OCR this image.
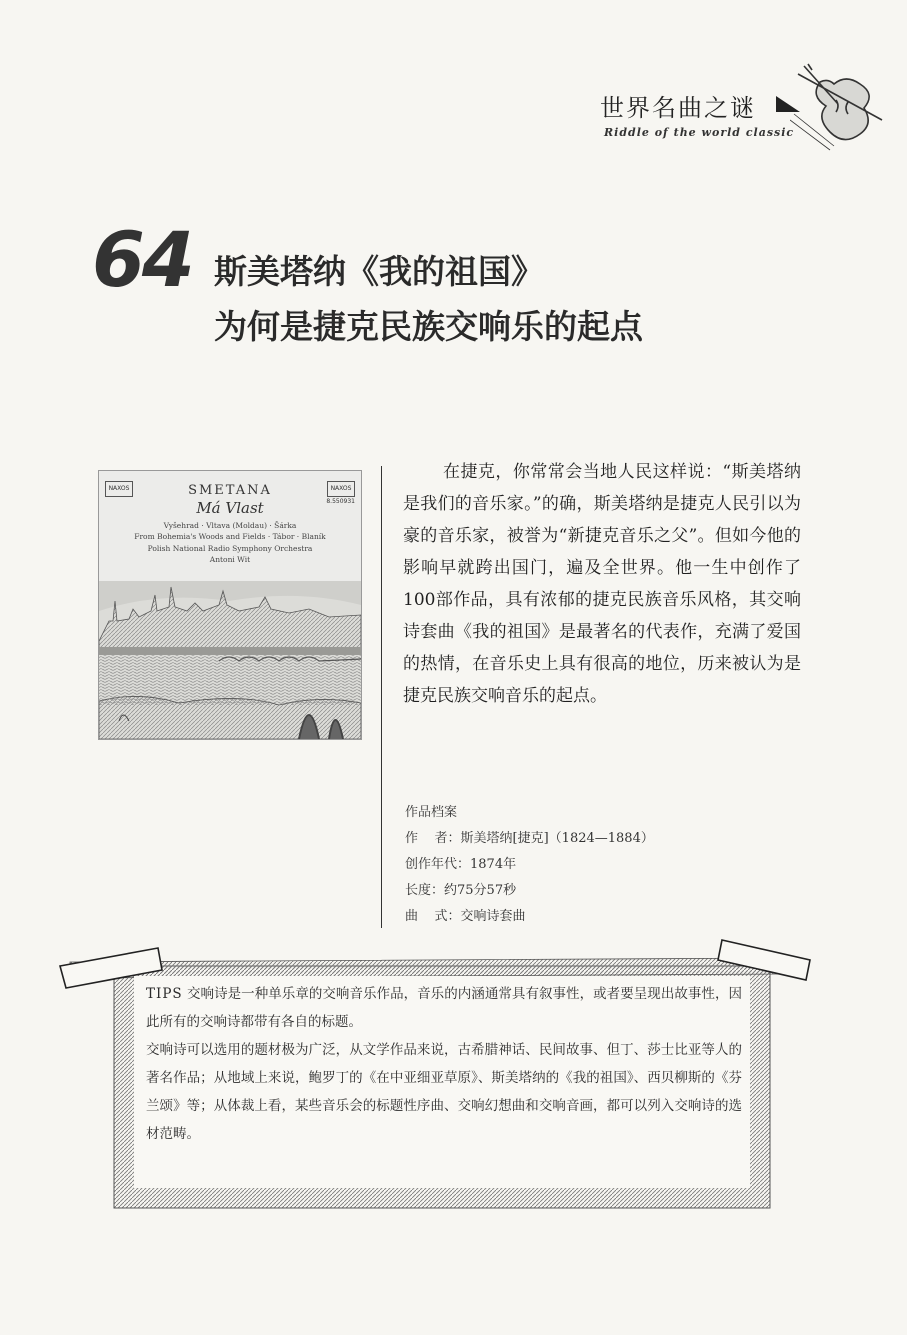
世界名曲之谜
Riddle of the world classic
64 斯美塔纳《我的祖国》
为何是捷克民族交响乐的起点
NAXOS	NAXOS
8.550931
SMETANA
Má Vlast
Vyšehrad · Vltava (Moldau) · Šárka
From Bohemia's Woods and Fields · Tábor · Blaník
Polish National Radio Symphony Orchestra
Antoni Wit

在捷克，你常常会当地人民这样说：“斯美塔纳是我们的音乐家。”的确，斯美塔纳是捷克人民引以为豪的音乐家，被誉为“新捷克音乐之父”。但如今他的影响早就跨出国门，遍及全世界。他一生中创作了100部作品，具有浓郁的捷克民族音乐风格，其交响诗套曲《我的祖国》是最著名的代表作，充满了爱国的热情，在音乐史上具有很高的地位，历来被认为是捷克民族交响音乐的起点。

作品档案
作    者：斯美塔纳[捷克]（1824—1884）
创作年代：1874年
长度：约75分57秒
曲    式：交响诗套曲
TIPS 交响诗是一种单乐章的交响音乐作品，音乐的内涵通常具有叙事性，或者要呈现出故事性，因此所有的交响诗都带有各自的标题。
交响诗可以选用的题材极为广泛，从文学作品来说，古希腊神话、民间故事、但丁、莎士比亚等人的著名作品；从地域上来说，鲍罗丁的《在中亚细亚草原》、斯美塔纳的《我的祖国》、西贝柳斯的《芬兰颂》等；从体裁上看，某些音乐会的标题性序曲、交响幻想曲和交响音画，都可以列入交响诗的选材范畴。
